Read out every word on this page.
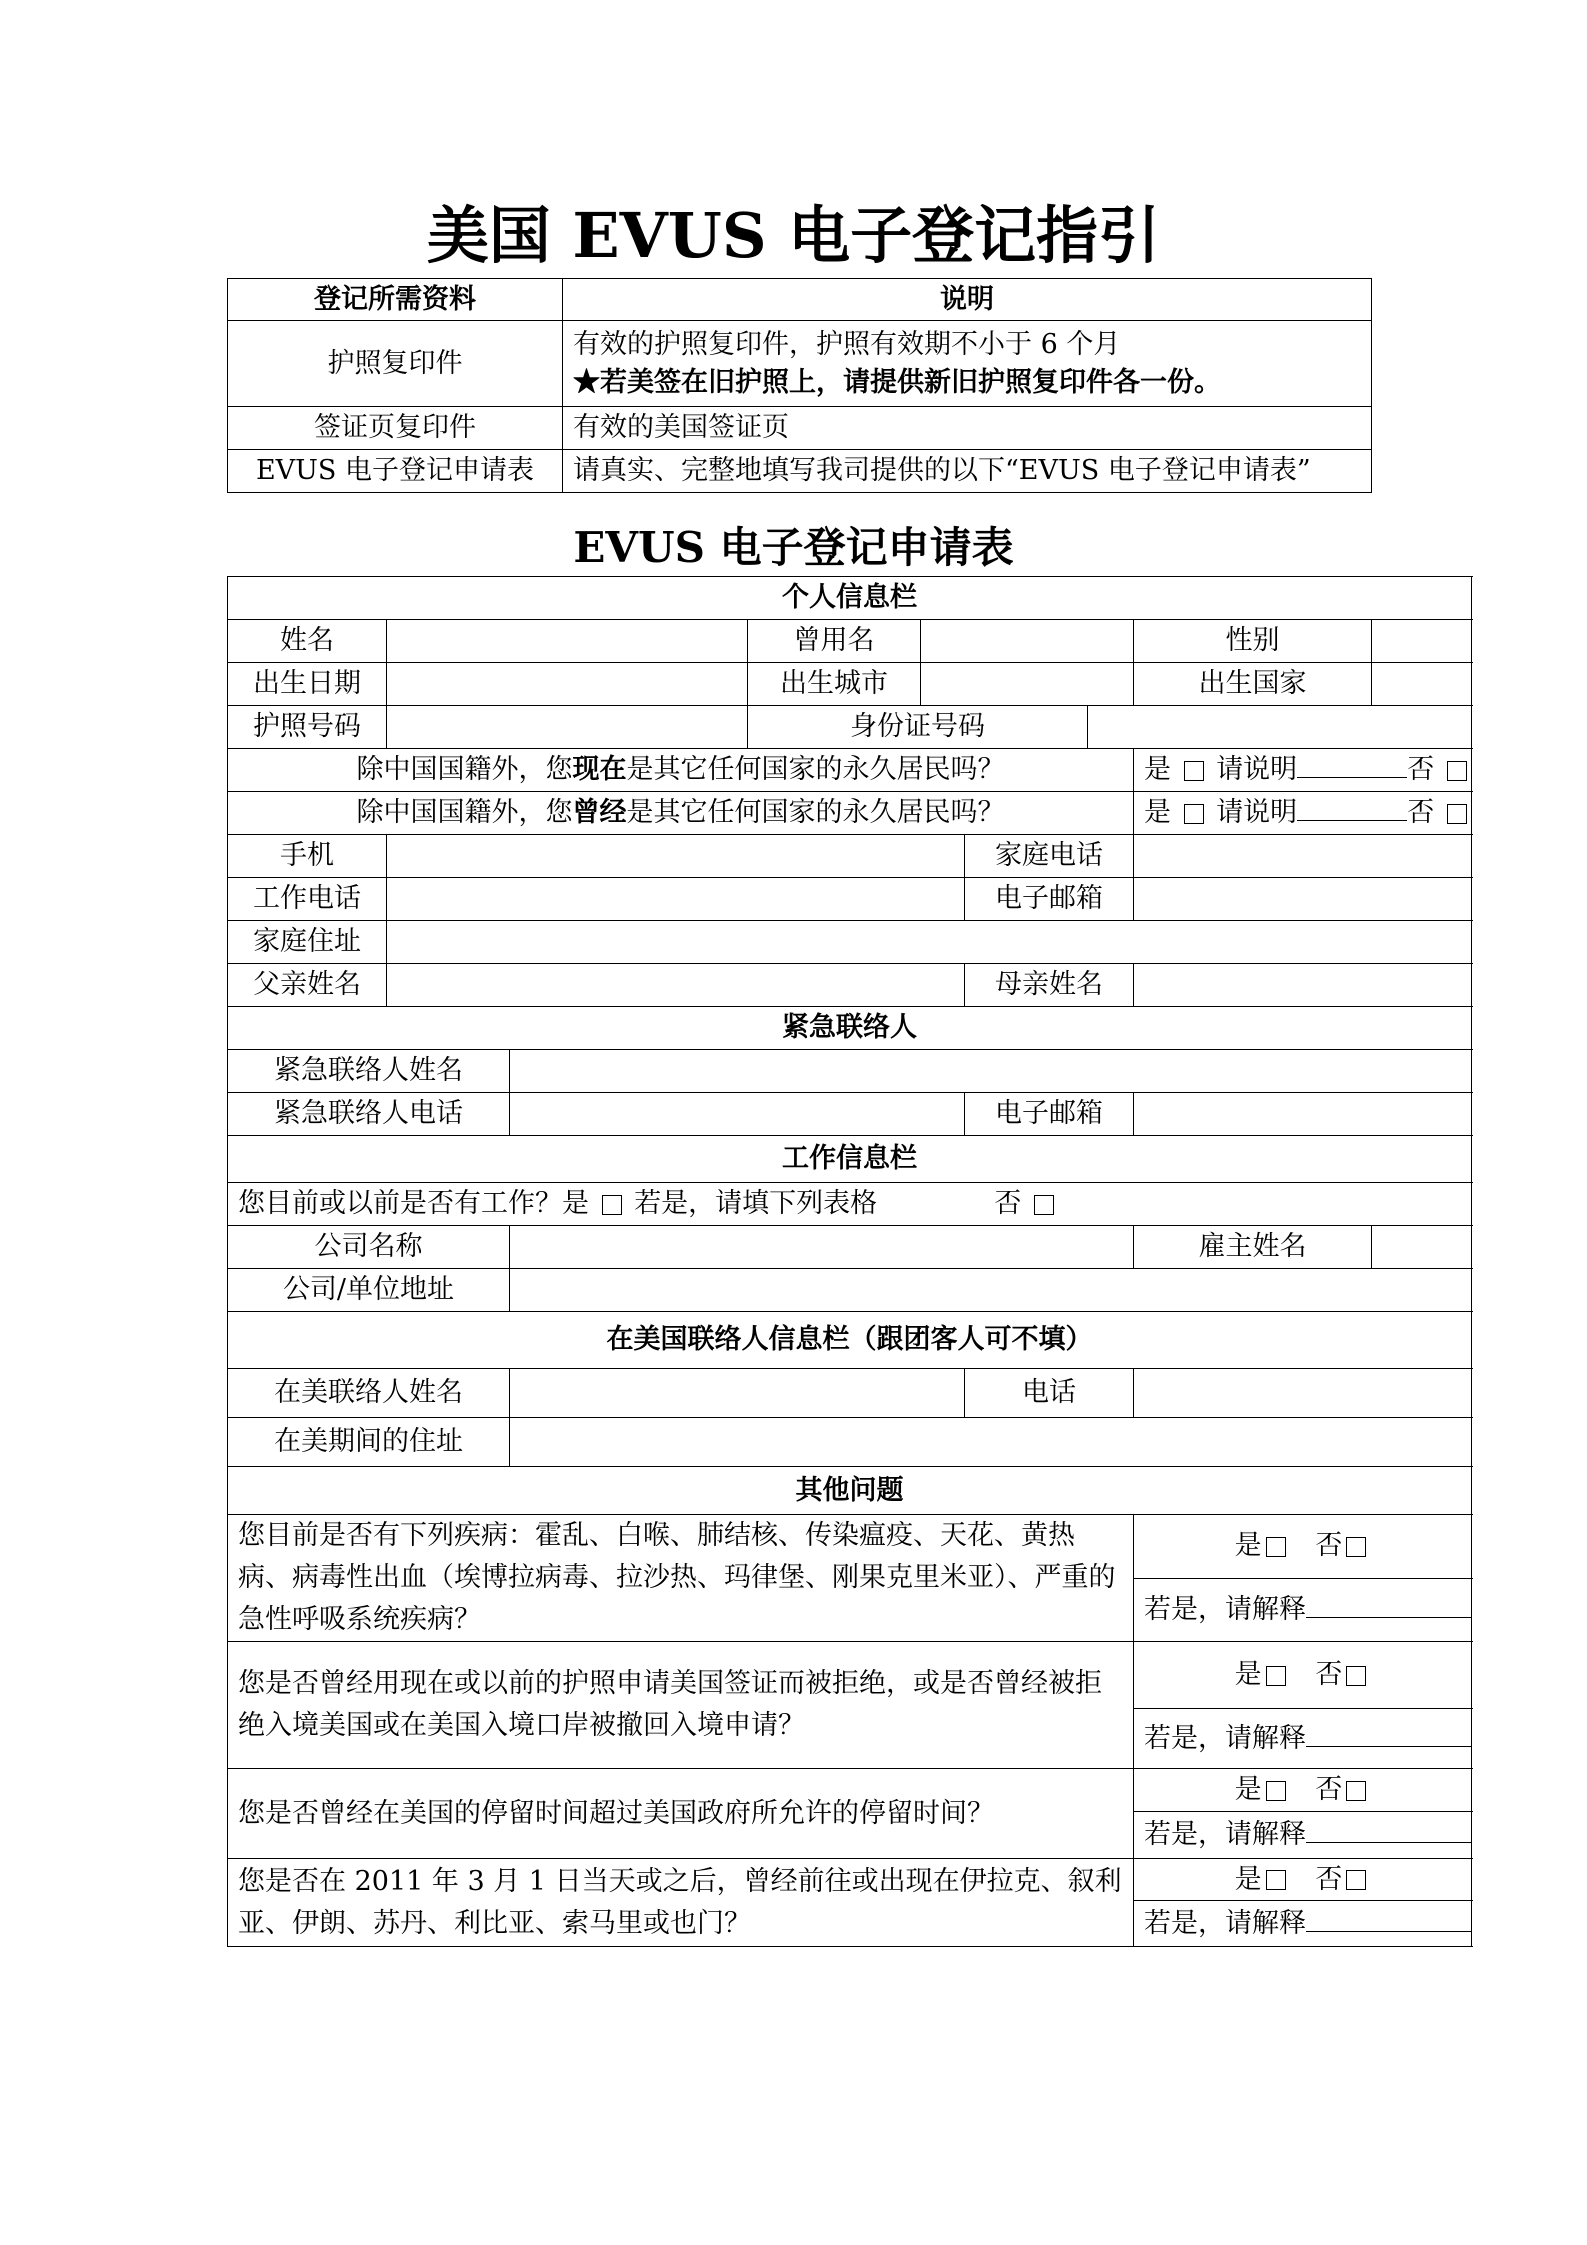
美国 EVUS 电子登记指引
登记所需资料	说明
护照复印件	有效的护照复印件，护照有效期不小于 6 个月
★若美签在旧护照上，请提供新旧护照复印件各一份。

签证页复印件	有效的美国签证页
EVUS 电子登记申请表	请真实、完整地填写我司提供的以下“EVUS 电子登记申请表”
EVUS 电子登记申请表
个人信息栏								
姓名			曾用名				性别	
出生日期			出生城市				出生国家	
护照号码			身份证号码					
除中国国籍外，您现在是其它任何国家的永久居民吗？							是 请说明 否	
除中国国籍外，您曾经是其它任何国家的永久居民吗？							是 请说明 否	
手机					家庭电话			
工作电话					电子邮箱			
家庭住址								
父亲姓名					母亲姓名			
紧急联络人								
紧急联络人姓名								
紧急联络人电话					电子邮箱			
工作信息栏								
您目前或以前是否有工作？是 若是，请填下列表格 否								
公司名称							雇主姓名	
公司/单位地址								
在美国联络人信息栏（跟团客人可不填）								
在美联络人姓名					电话			
在美期间的住址								
其他问题								
您目前是否有下列疾病：霍乱、白喉、肺结核、传染瘟疫、天花、黄热病、病毒性出血（埃博拉病毒、拉沙热、玛律堡、刚果克里米亚）、严重的急性呼吸系统疾病？							是 否	
							若是，请解释	
您是否曾经用现在或以前的护照申请美国签证而被拒绝，或是否曾经被拒绝入境美国或在美国入境口岸被撤回入境申请？							是 否	
							若是，请解释	
您是否曾经在美国的停留时间超过美国政府所允许的停留时间？							是 否	
							若是，请解释	
您是否在 2011 年 3 月 1 日当天或之后，曾经前往或出现在伊拉克、叙利亚、伊朗、苏丹、利比亚、索马里或也门？							是 否	
							若是，请解释	
